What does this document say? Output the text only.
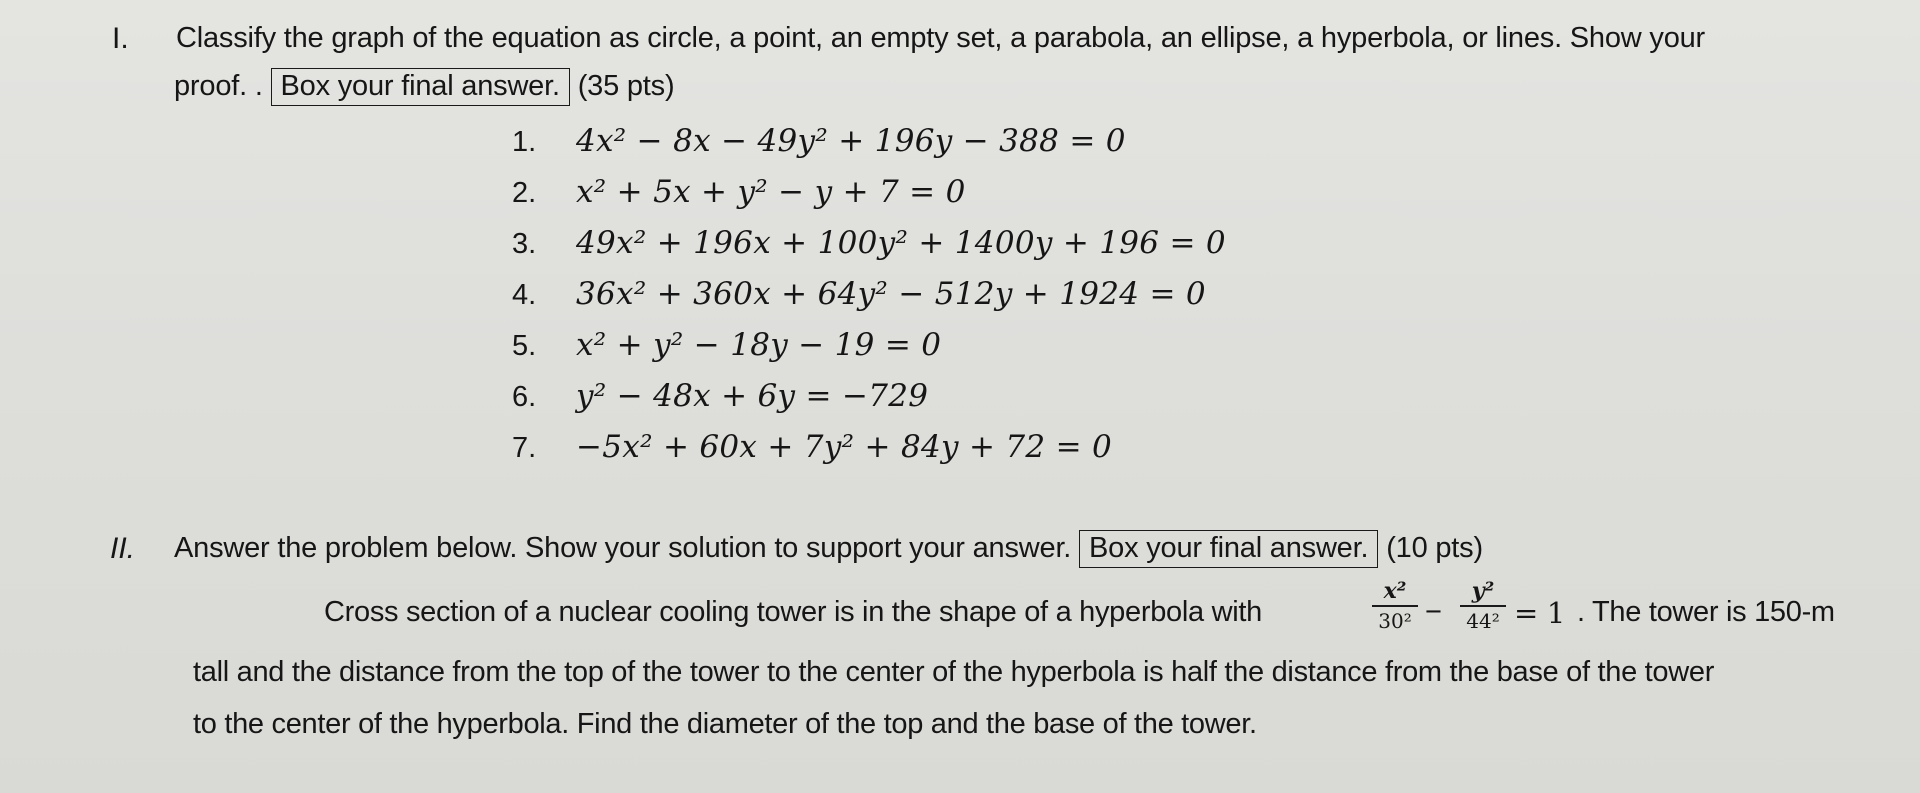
I. Classify the graph of the equation as circle, a point, an empty set, a parabola, an ellipse, a hyperbola, or lines. Show your
proof. . Box your final answer. (35 pts)
1. 4x² − 8x − 49y² + 196y − 388 = 0
2. x² + 5x + y² − y + 7 = 0
3. 49x² + 196x + 100y² + 1400y + 196 = 0
4. 36x² + 360x + 64y² − 512y + 1924 = 0
5. x² + y² − 18y − 19 = 0
6. y² − 48x + 6y = −729
7. −5x² + 60x + 7y² + 84y + 72 = 0
II. Answer the problem below. Show your solution to support your answer. Box your final answer. (10 pts)
Cross section of a nuclear cooling tower is in the shape of a hyperbola with
x²
30² −
y²
44² = 1 . The tower is 150-m
tall and the distance from the top of the tower to the center of the hyperbola is half the distance from the base of the tower
to the center of the hyperbola. Find the diameter of the top and the base of the tower.
